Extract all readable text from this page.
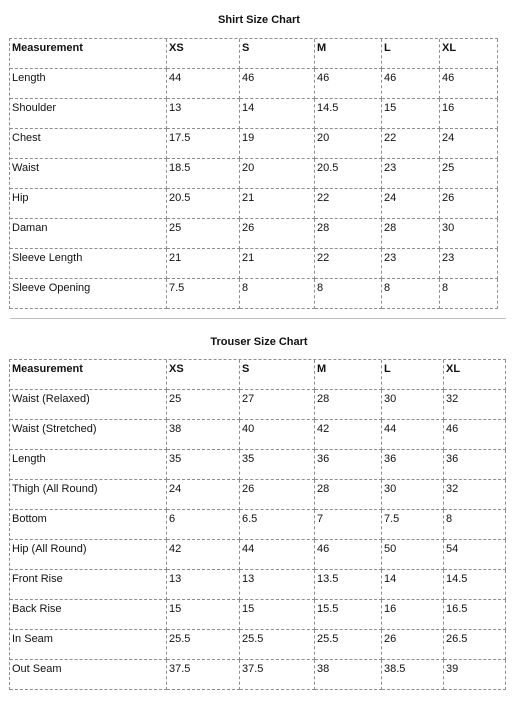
Shirt Size Chart
Measurement	XS	S	M	L	XL
Length	44	46	46	46	46
Shoulder	13	14	14.5	15	16
Chest	17.5	19	20	22	24
Waist	18.5	20	20.5	23	25
Hip	20.5	21	22	24	26
Daman	25	26	28	28	30
Sleeve Length	21	21	22	23	23
Sleeve Opening	7.5	8	8	8	8
Trouser Size Chart
Measurement	XS	S	M	L	XL
Waist (Relaxed)	25	27	28	30	32
Waist (Stretched)	38	40	42	44	46
Length	35	35	36	36	36
Thigh (All Round)	24	26	28	30	32
Bottom	6	6.5	7	7.5	8
Hip (All Round)	42	44	46	50	54
Front Rise	13	13	13.5	14	14.5
Back Rise	15	15	15.5	16	16.5
In Seam	25.5	25.5	25.5	26	26.5
Out Seam	37.5	37.5	38	38.5	39
